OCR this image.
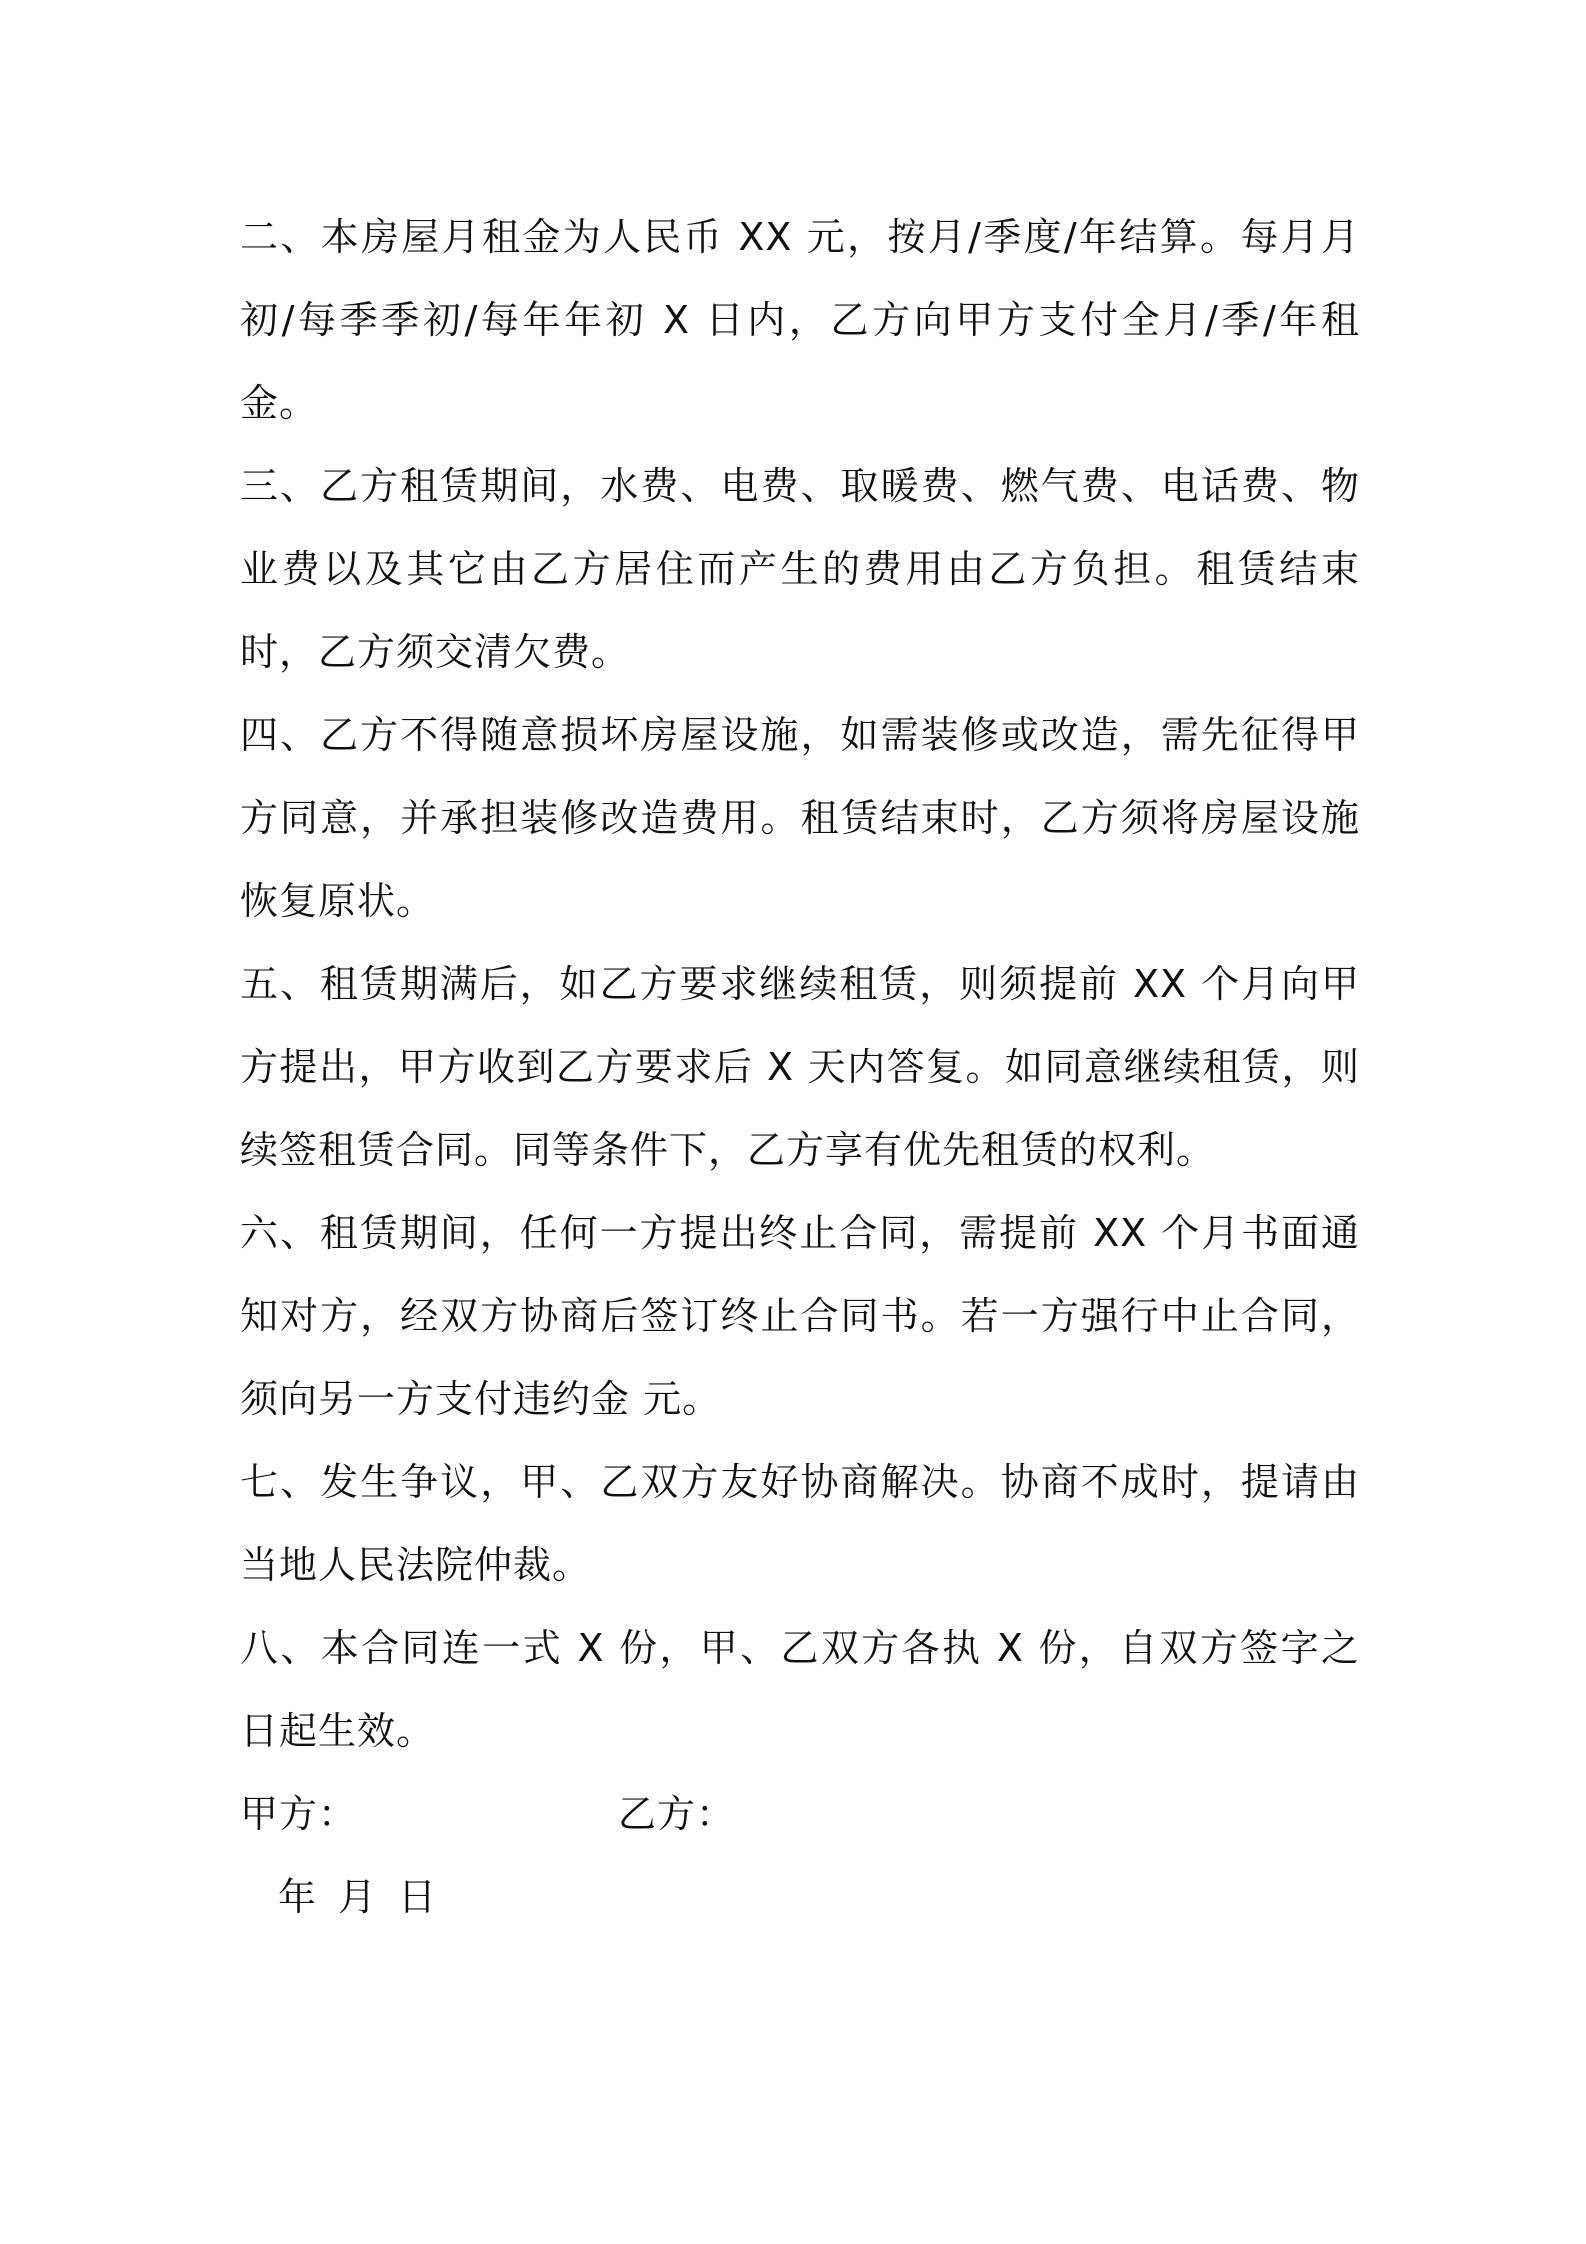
二、本房屋月租金为人民币 XX 元，按月/季度/年结算。每月月初/每季季初/每年年初 X 日内，乙方向甲方支付全月/季/年租金。

三、乙方租赁期间，水费、电费、取暖费、燃气费、电话费、物业费以及其它由乙方居住而产生的费用由乙方负担。租赁结束时，乙方须交清欠费。

四、乙方不得随意损坏房屋设施，如需装修或改造，需先征得甲方同意，并承担装修改造费用。租赁结束时，乙方须将房屋设施恢复原状。

五、租赁期满后，如乙方要求继续租赁，则须提前 XX 个月向甲方提出，甲方收到乙方要求后 X 天内答复。如同意继续租赁，则续签租赁合同。同等条件下，乙方享有优先租赁的权利。

六、租赁期间，任何一方提出终止合同，需提前 XX 个月书面通知对方，经双方协商后签订终止合同书。若一方强行中止合同，须向另一方支付违约金 元。

七、发生争议，甲、乙双方友好协商解决。协商不成时，提请由当地人民法院仲裁。

八、本合同连一式 X 份，甲、乙双方各执 X 份，自双方签字之日起生效。

甲方：	乙方：
年 月 日
